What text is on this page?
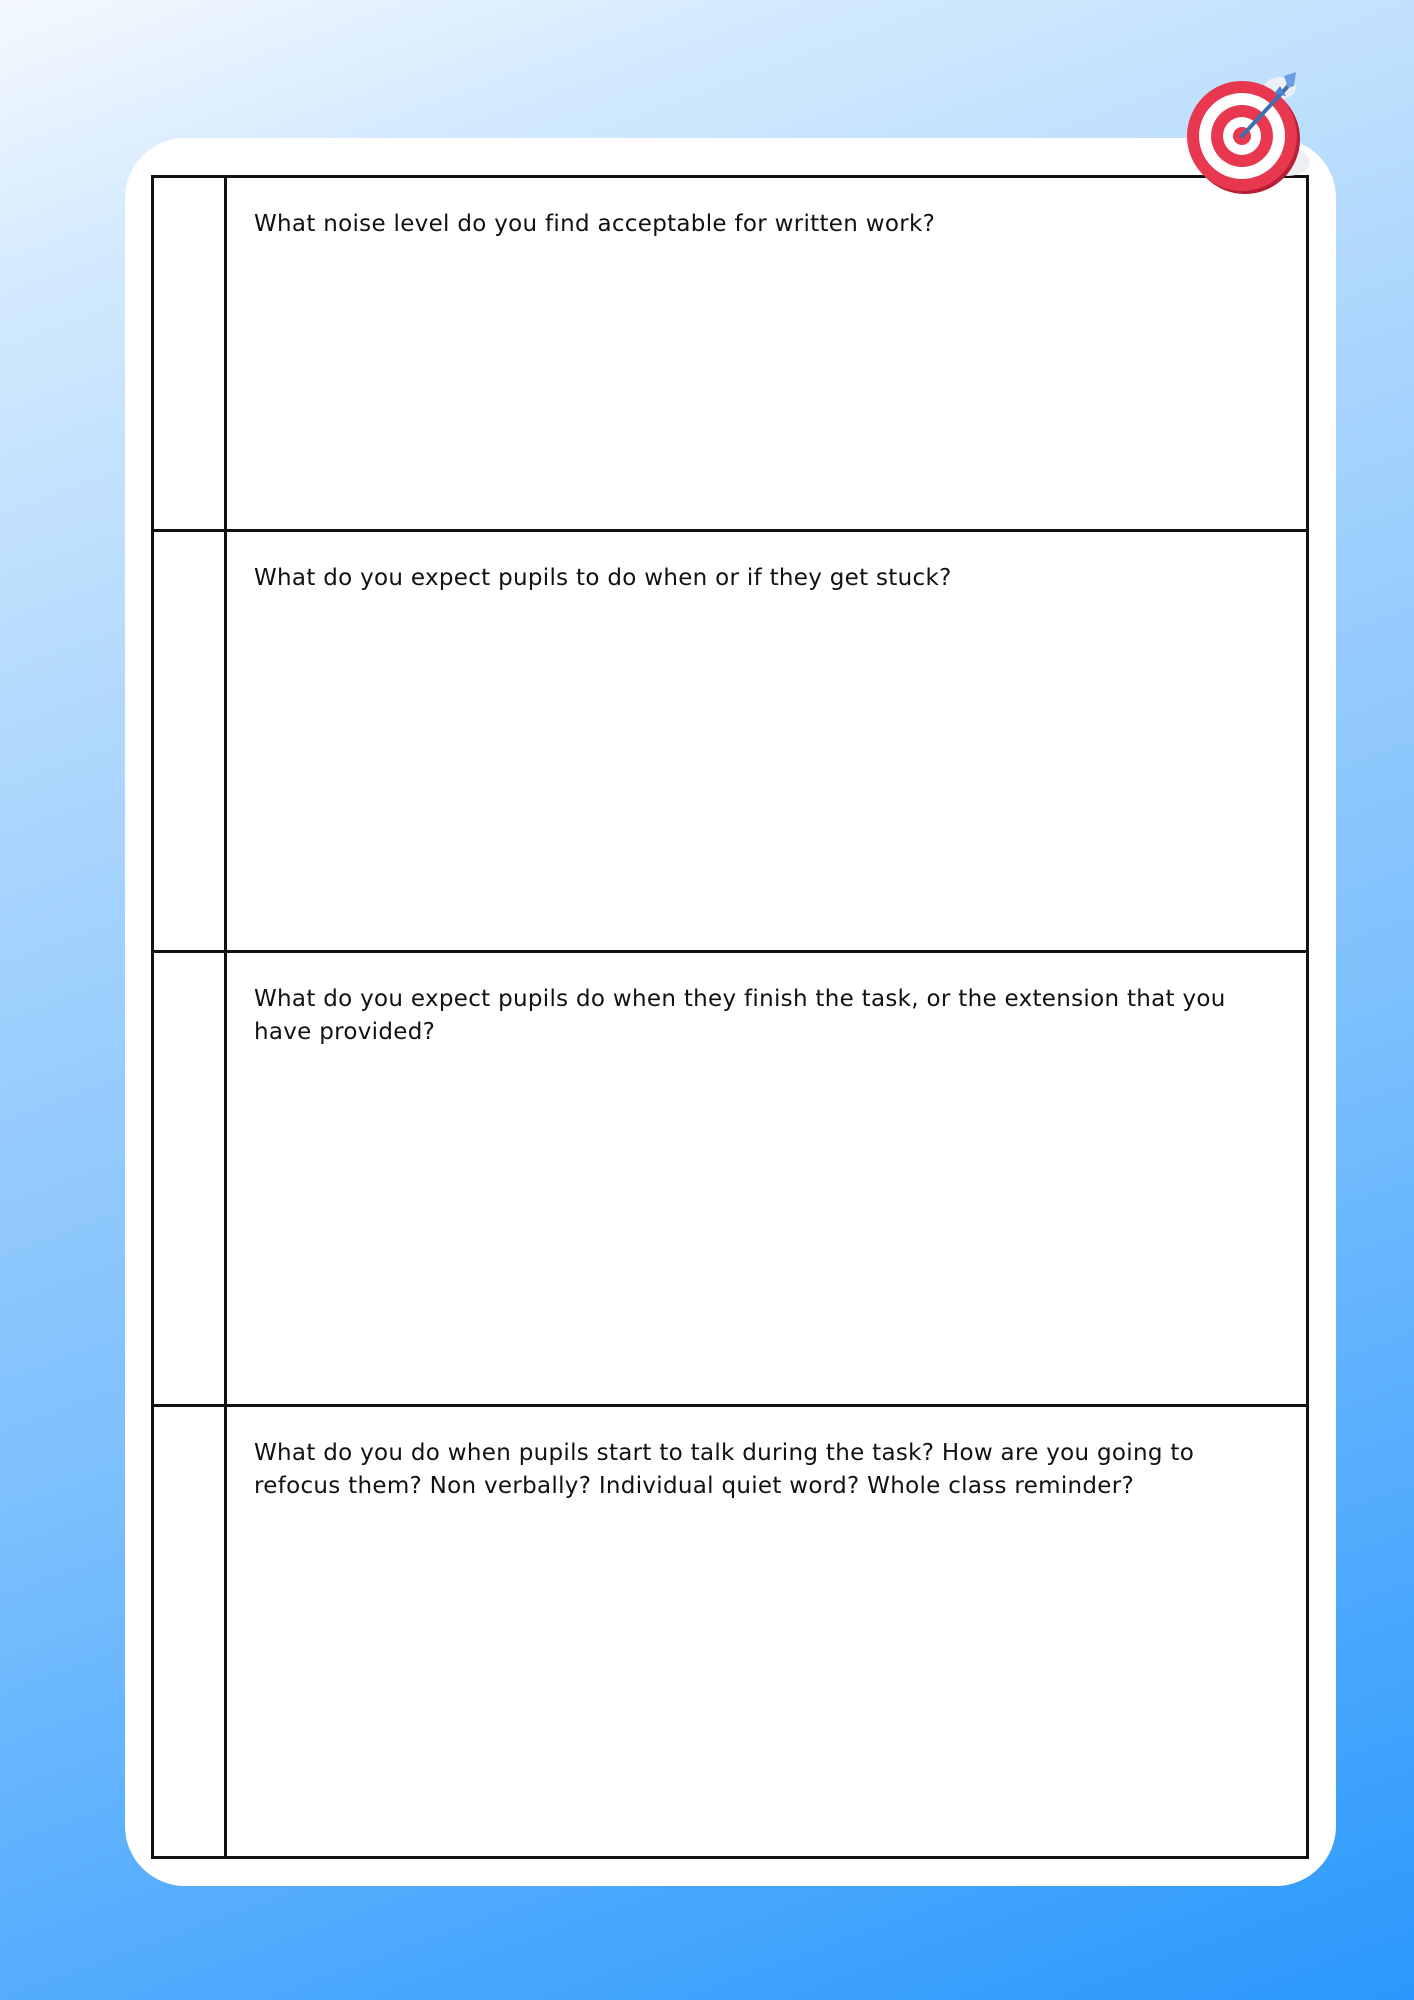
What noise level do you find acceptable for written work?

What do you expect pupils to do when or if they get stuck?

What do you expect pupils do when they finish the task, or the extension that you have provided?

What do you do when pupils start to talk during the task? How are you going to refocus them? Non verbally? Individual quiet word? Whole class reminder?
